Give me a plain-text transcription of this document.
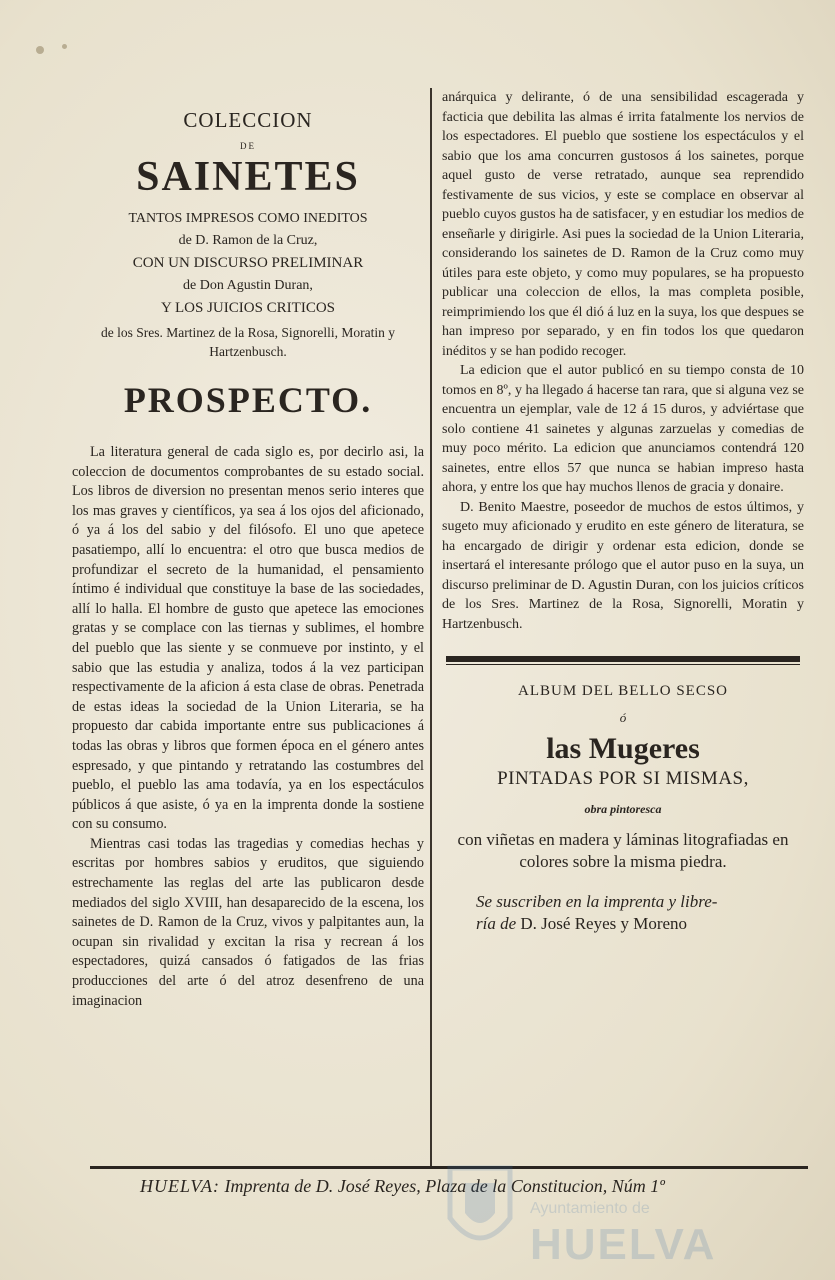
COLECCION
DE
SAINETES
TANTOS IMPRESOS COMO INEDITOS
de D. Ramon de la Cruz,
CON UN DISCURSO PRELIMINAR
de Don Agustin Duran,
Y LOS JUICIOS CRITICOS
de los Sres. Martinez de la Rosa, Signorelli, Moratin y Hartzenbusch.
PROSPECTO.

La literatura general de cada siglo es, por decirlo asi, la coleccion de documentos comprobantes de su estado social. Los libros de diversion no presentan menos serio interes que los mas graves y científicos, ya sea á los ojos del aficionado, ó ya á los del sabio y del filósofo. El uno que apetece pasatiempo, allí lo encuentra: el otro que busca medios de profundizar el secreto de la humanidad, el pensamiento íntimo é individual que constituye la base de las sociedades, allí lo halla. El hombre de gusto que apetece las emociones gratas y se complace con las tiernas y sublimes, el hombre del pueblo que las siente y se conmueve por instinto, y el sabio que las estudia y analiza, todos á la vez participan respectivamente de la aficion á esta clase de obras. Penetrada de estas ideas la sociedad de la Union Literaria, se ha propuesto dar cabida importante entre sus publicaciones á todas las obras y libros que formen época en el género antes espresado, y que pintando y retratando las costumbres del pueblo, el pueblo las ama todavía, ya en los espectáculos públicos á que asiste, ó ya en la imprenta donde la sostiene con su consumo.

Mientras casi todas las tragedias y comedias hechas y escritas por hombres sabios y eruditos, que siguiendo estrechamente las reglas del arte las publicaron desde mediados del siglo XVIII, han desaparecido de la escena, los sainetes de D. Ramon de la Cruz, vivos y palpitantes aun, la ocupan sin rivalidad y excitan la risa y recrean á los espectadores, quizá cansados ó fatigados de las frias producciones del arte ó del atroz desenfreno de una imaginacion

anárquica y delirante, ó de una sensibilidad escagerada y facticia que debilita las almas é irrita fatalmente los nervios de los espectadores. El pueblo que sostiene los espectáculos y el sabio que los ama concurren gustosos á los sainetes, porque aquel gusto de verse retratado, aunque sea reprendido festivamente de sus vicios, y este se complace en observar al pueblo cuyos gustos ha de satisfacer, y en estudiar los medios de enseñarle y dirigirle. Asi pues la sociedad de la Union Literaria, considerando los sainetes de D. Ramon de la Cruz como muy útiles para este objeto, y como muy populares, se ha propuesto publicar una coleccion de ellos, la mas completa posible, reimprimiendo los que él dió á luz en la suya, los que despues se han impreso por separado, y en fin todos los que quedaron inéditos y se han podido recoger.

La edicion que el autor publicó en su tiempo consta de 10 tomos en 8º, y ha llegado á hacerse tan rara, que si alguna vez se encuentra un ejemplar, vale de 12 á 15 duros, y adviértase que solo contiene 41 sainetes y algunas zarzuelas y comedias de muy poco mérito. La edicion que anunciamos contendrá 120 sainetes, entre ellos 57 que nunca se habian impreso hasta ahora, y entre los que hay muchos llenos de gracia y donaire.

D. Benito Maestre, poseedor de muchos de estos últimos, y sugeto muy aficionado y erudito en este género de literatura, se ha encargado de dirigir y ordenar esta edicion, donde se insertará el interesante prólogo que el autor puso en la suya, un discurso preliminar de D. Agustin Duran, con los juicios críticos de los Sres. Martinez de la Rosa, Signorelli, Moratin y Hartzenbusch.

ALBUM DEL BELLO SECSO
ó
las Mugeres
PINTADAS POR SI MISMAS,
obra pintoresca
con viñetas en madera y láminas litografiadas en colores sobre la misma piedra.
Se suscriben en la imprenta y libre-
ría de D. José Reyes y Moreno
HUELVA: Imprenta de D. José Reyes, Plaza de la Constitucion, Núm 1º
Ayuntamiento de
HUELVA
